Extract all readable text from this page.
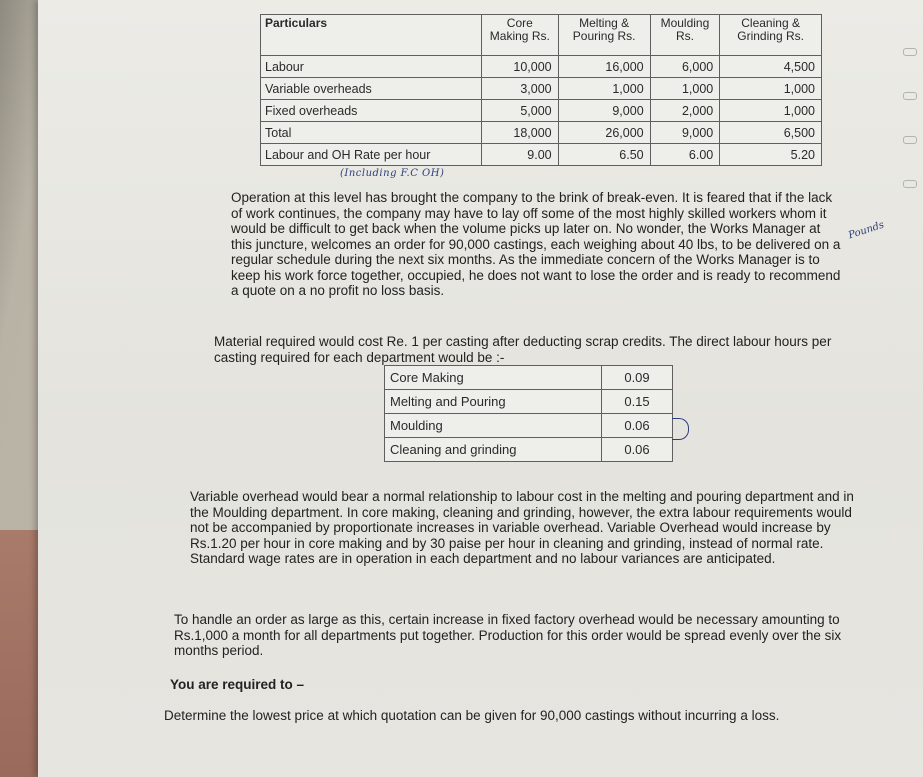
Particulars	Core Making Rs.	Melting & Pouring Rs.	Moulding Rs.	Cleaning & Grinding Rs.
Labour	10,000	16,000	6,000	4,500
Variable overheads	3,000	1,000	1,000	1,000
Fixed overheads	5,000	9,000	2,000	1,000
Total	18,000	26,000	9,000	6,500
Labour and OH Rate per hour	9.00	6.50	6.00	5.20
(Including F.C OH)
Operation at this level has brought the company to the brink of break-even. It is feared that if the lack of work continues, the company may have to lay off some of the most highly skilled workers whom it would be difficult to get back when the volume picks up later on. No wonder, the Works Manager at this juncture, welcomes an order for 90,000 castings, each weighing about 40 lbs, to be delivered on a regular schedule during the next six months. As the immediate concern of the Works Manager is to keep his work force together, occupied, he does not want to lose the order and is ready to recommend a quote on a no profit no loss basis.
Pounds
Material required would cost Re. 1 per casting after deducting scrap credits. The direct labour hours per casting required for each department would be :-
Core Making	0.09
Melting and Pouring	0.15
Moulding	0.06
Cleaning and grinding	0.06
Variable overhead would bear a normal relationship to labour cost in the melting and pouring department and in the Moulding department. In core making, cleaning and grinding, however, the extra labour requirements would not be accompanied by proportionate increases in variable overhead. Variable Overhead would increase by Rs.1.20 per hour in core making and by 30 paise per hour in cleaning and grinding, instead of normal rate. Standard wage rates are in operation in each department and no labour variances are anticipated.
To handle an order as large as this, certain increase in fixed factory overhead would be necessary amounting to Rs.1,000 a month for all departments put together. Production for this order would be spread evenly over the six months period.
You are required to –
Determine the lowest price at which quotation can be given for 90,000 castings without incurring a loss.
